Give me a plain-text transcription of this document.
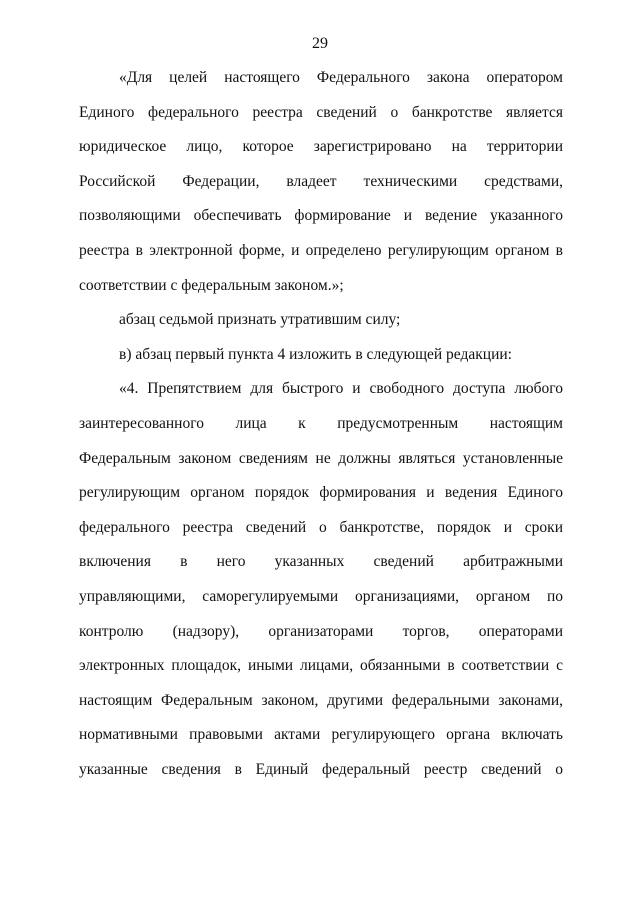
29
«Для целей настоящего Федерального закона оператором
Единого федерального реестра сведений о банкротстве является
юридическое лицо, которое зарегистрировано на территории
Российской Федерации, владеет техническими средствами,
позволяющими обеспечивать формирование и ведение указанного
реестра в электронной форме, и определено регулирующим органом в
соответствии с федеральным законом.»;
абзац седьмой признать утратившим силу;
в) абзац первый пункта 4 изложить в следующей редакции:
«4. Препятствием для быстрого и свободного доступа любого
заинтересованного лица к предусмотренным настоящим
Федеральным законом сведениям не должны являться установленные
регулирующим органом порядок формирования и ведения Единого
федерального реестра сведений о банкротстве, порядок и сроки
включения в него указанных сведений арбитражными
управляющими, саморегулируемыми организациями, органом по
контролю (надзору), организаторами торгов, операторами
электронных площадок, иными лицами, обязанными в соответствии с
настоящим Федеральным законом, другими федеральными законами,
нормативными правовыми актами регулирующего органа включать
указанные сведения в Единый федеральный реестр сведений о
